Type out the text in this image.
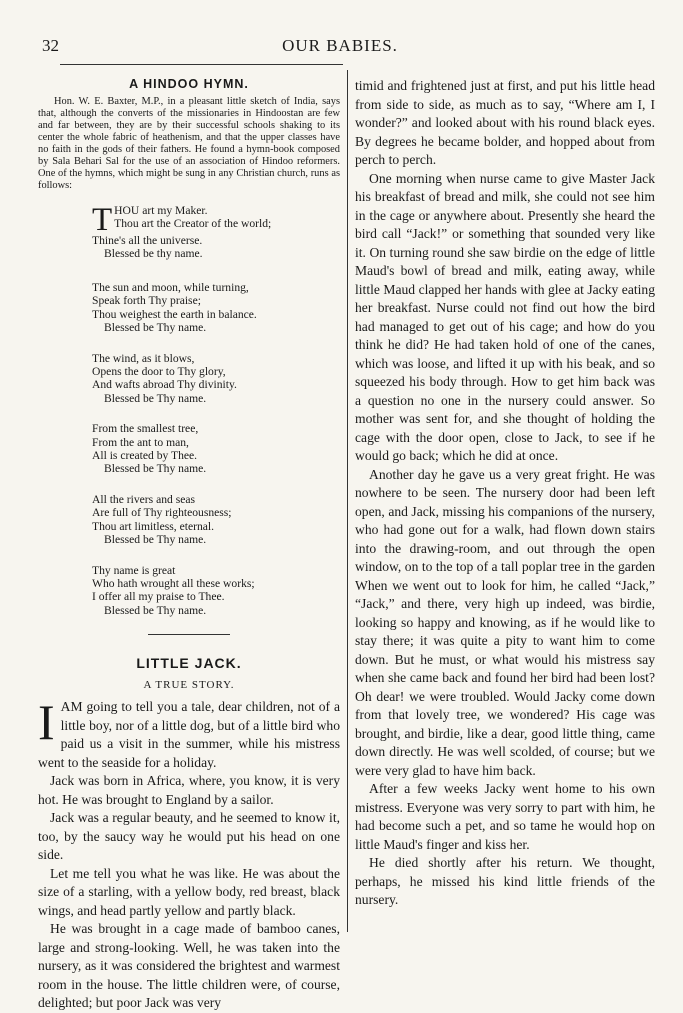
32	OUR BABIES.
A HINDOO HYMN.

Hon. W. E. Baxter, M.P., in a pleasant little sketch of India, says that, although the converts of the missionaries in Hindoostan are few and far between, they are by their successful schools shaking to its center the whole fabric of heathenism, and that the upper classes have no faith in the gods of their fathers. He found a hymn-book composed by Sala Behari Sal for the use of an association of Hindoo reformers. One of the hymns, which might be sung in any Christian church, runs as follows:

T HOU art my Maker.
Thou art the Creator of the world;
Thine's all the universe.
Blessed be thy name.
The sun and moon, while turning,
Speak forth Thy praise;
Thou weighest the earth in balance.
Blessed be Thy name.
The wind, as it blows,
Opens the door to Thy glory,
And wafts abroad Thy divinity.
Blessed be Thy name.
From the smallest tree,
From the ant to man,
All is created by Thee.
Blessed be Thy name.
All the rivers and seas
Are full of Thy righteousness;
Thou art limitless, eternal.
Blessed be Thy name.
Thy name is great
Who hath wrought all these works;
I offer all my praise to Thee.
Blessed be Thy name.
LITTLE JACK.
A TRUE STORY.

IAM going to tell you a tale, dear children, not of a little boy, nor of a little dog, but of a little bird who paid us a visit in the summer, while his mistress went to the seaside for a holiday.

Jack was born in Africa, where, you know, it is very hot. He was brought to England by a sailor.

Jack was a regular beauty, and he seemed to know it, too, by the saucy way he would put his head on one side.

Let me tell you what he was like. He was about the size of a starling, with a yellow body, red breast, black wings, and head partly yellow and partly black.

He was brought in a cage made of bamboo canes, large and strong-looking. Well, he was taken into the nursery, as it was considered the brightest and warmest room in the house. The little children were, of course, delighted; but poor Jack was very

timid and frightened just at first, and put his little head from side to side, as much as to say, “Where am I, I wonder?” and looked about with his round black eyes. By degrees he became bolder, and hopped about from perch to perch.

One morning when nurse came to give Master Jack his breakfast of bread and milk, she could not see him in the cage or anywhere about. Presently she heard the bird call “Jack!” or something that sounded very like it. On turning round she saw birdie on the edge of little Maud's bowl of bread and milk, eating away, while little Maud clapped her hands with glee at Jacky eating her breakfast. Nurse could not find out how the bird had managed to get out of his cage; and how do you think he did? He had taken hold of one of the canes, which was loose, and lifted it up with his beak, and so squeezed his body through. How to get him back was a question no one in the nursery could answer. So mother was sent for, and she thought of holding the cage with the door open, close to Jack, to see if he would go back; which he did at once.

Another day he gave us a very great fright. He was nowhere to be seen. The nursery door had been left open, and Jack, missing his companions of the nursery, who had gone out for a walk, had flown down stairs into the drawing-room, and out through the open window, on to the top of a tall poplar tree in the garden When we went out to look for him, he called “Jack,” “Jack,” and there, very high up indeed, was birdie, looking so happy and knowing, as if he would like to stay there; it was quite a pity to want him to come down. But he must, or what would his mistress say when she came back and found her bird had been lost? Oh dear! we were troubled. Would Jacky come down from that lovely tree, we wondered? His cage was brought, and birdie, like a dear, good little thing, came down directly. He was well scolded, of course; but we were very glad to have him back.

After a few weeks Jacky went home to his own mistress. Everyone was very sorry to part with him, he had become such a pet, and so tame he would hop on little Maud's finger and kiss her.

He died shortly after his return. We thought, perhaps, he missed his kind little friends of the nursery.
